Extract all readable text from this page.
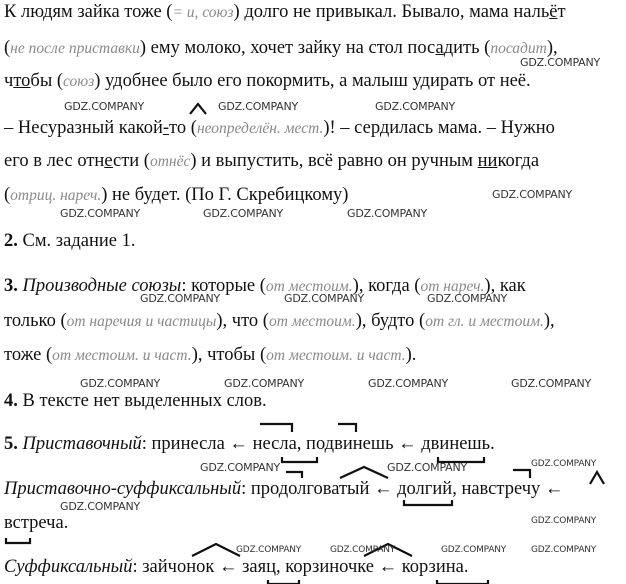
К людям зайка тоже (= и, союз) долго не привыкал. Бывало, мама нальёт
(не после приставки) ему молоко, хочет зайку на стол посадить (посадит),
чтобы (союз) удобнее было его покормить, а малыш удирать от неё.
– Несуразный какой-то (неопределён. мест.)! – сердилась мама. – Нужно
его в лес отнести (отнёс) и выпустить, всё равно он ручным никогда
(отриц. нареч.) не будет. (По Г. Скребицкому)
2. См. задание 1.
3. Производные союзы: которые (от местоим.), когда (от нареч.), как
только (от наречия и частицы), что (от местоим.), будто (от гл. и местоим.),
тоже (от местоим. и част.), чтобы (от местоим. и част.).
4. В тексте нет выделенных слов.
5. Приставочный: принесла ← несла, подвинешь ← двинешь.
Приставочно-суффиксальный: продолговатый ← долгий, навстречу ←
встреча.
Суффиксальный: зайчонок ← заяц, корзиночке ← корзина.
GDZ.COMPANY
GDZ.COMPANY	GDZ.COMPANY	GDZ.COMPANY
GDZ.COMPANY
GDZ.COMPANY	GDZ.COMPANY	GDZ.COMPANY
GDZ.COMPANY	GDZ.COMPANY	GDZ.COMPANY
GDZ.COMPANY	GDZ.COMPANY	GDZ.COMPANY	GDZ.COMPANY
GDZ.COMPANY	GDZ.COMPANY	GDZ.COMPANY
GDZ.COMPANY
GDZ.COMPANY
GDZ.COMPANY	GDZ.COMPANY	GDZ.COMPANY	GDZ.COMPANY
